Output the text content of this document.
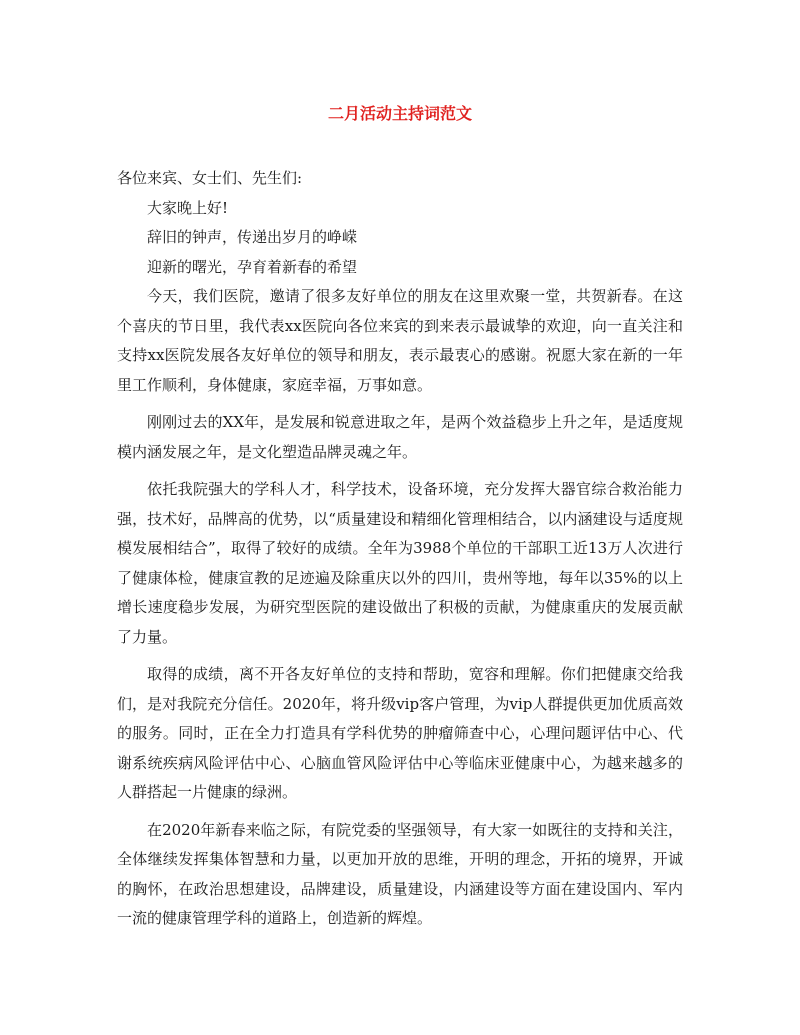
二月活动主持词范文

各位来宾、女士们、先生们:

大家晚上好!

辞旧的钟声，传递出岁月的峥嵘

迎新的曙光，孕育着新春的希望

今天，我们医院，邀请了很多友好单位的朋友在这里欢聚一堂，共贺新春。在这个喜庆的节日里，我代表xx医院向各位来宾的到来表示最诚挚的欢迎，向一直关注和支持xx医院发展各友好单位的领导和朋友，表示最衷心的感谢。祝愿大家在新的一年里工作顺利，身体健康，家庭幸福，万事如意。

刚刚过去的XX年，是发展和锐意进取之年，是两个效益稳步上升之年，是适度规模内涵发展之年，是文化塑造品牌灵魂之年。

依托我院强大的学科人才，科学技术，设备环境，充分发挥大器官综合救治能力强，技术好，品牌高的优势，以“质量建设和精细化管理相结合，以内涵建设与适度规模发展相结合”，取得了较好的成绩。全年为3988个单位的干部职工近13万人次进行了健康体检，健康宣教的足迹遍及除重庆以外的四川，贵州等地，每年以35%的以上增长速度稳步发展，为研究型医院的建设做出了积极的贡献，为健康重庆的发展贡献了力量。

取得的成绩，离不开各友好单位的支持和帮助，宽容和理解。你们把健康交给我们，是对我院充分信任。2020年，将升级vip客户管理，为vip人群提供更加优质高效的服务。同时，正在全力打造具有学科优势的肿瘤筛查中心，心理问题评估中心、代谢系统疾病风险评估中心、心脑血管风险评估中心等临床亚健康中心，为越来越多的人群搭起一片健康的绿洲。

在2020年新春来临之际，有院党委的坚强领导，有大家一如既往的支持和关注，全体继续发挥集体智慧和力量，以更加开放的思维，开明的理念，开拓的境界，开诚的胸怀，在政治思想建设，品牌建设，质量建设，内涵建设等方面在建设国内、军内一流的健康管理学科的道路上，创造新的辉煌。
